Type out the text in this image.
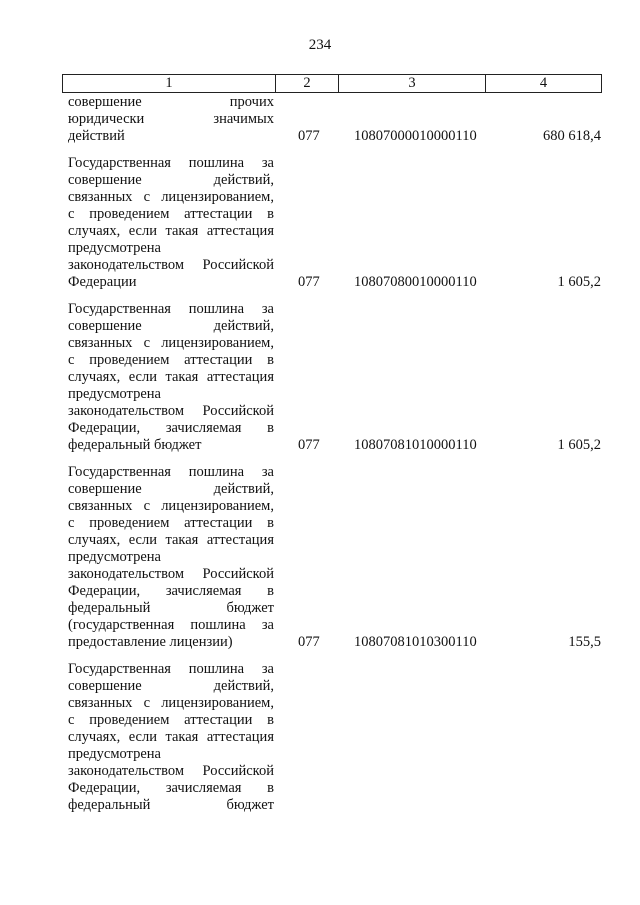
234
1	2	3	4
совершение прочих
юридически значимых
действий	077 10807000010000110	680 618,4
Государственная пошлина за
совершение действий,
связанных с лицензированием,
с проведением аттестации в
случаях, если такая аттестация
предусмотрена
законодательством Российской
Федерации	077 10807080010000110	1 605,2
Государственная пошлина за
совершение действий,
связанных с лицензированием,
с проведением аттестации в
случаях, если такая аттестация
предусмотрена
законодательством Российской
Федерации, зачисляемая в
федеральный бюджет	077 10807081010000110	1 605,2
Государственная пошлина за
совершение действий,
связанных с лицензированием,
с проведением аттестации в
случаях, если такая аттестация
предусмотрена
законодательством Российской
Федерации, зачисляемая в
федеральный бюджет
(государственная пошлина за
предоставление лицензии)	077 10807081010300110	155,5
Государственная пошлина за
совершение действий,
связанных с лицензированием,
с проведением аттестации в
случаях, если такая аттестация
предусмотрена
законодательством Российской
Федерации, зачисляемая в
федеральный бюджет
